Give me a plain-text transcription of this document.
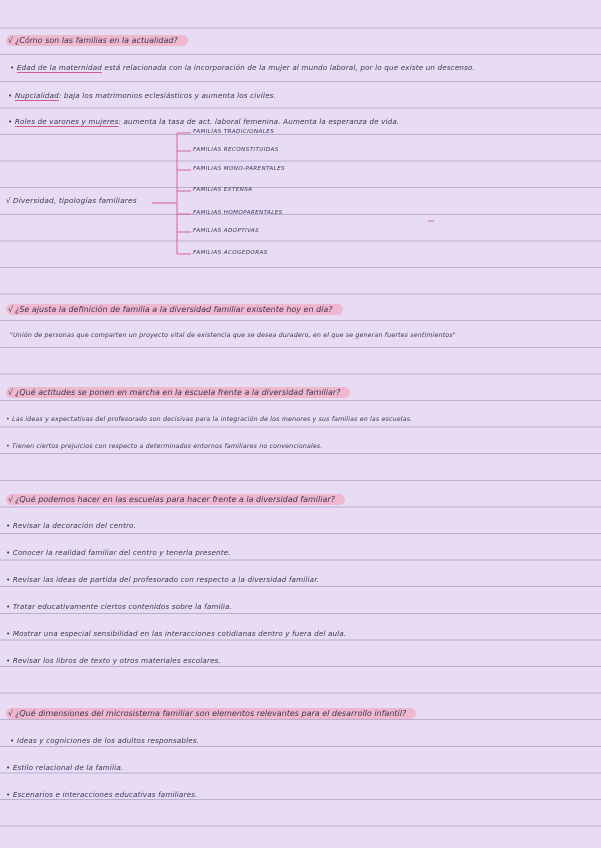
√ ¿Cómo son las familias en la actualidad?
• Edad de la maternidad está relacionada con la incorporación de la mujer al mundo laboral, por lo que existe un descenso.
• Nupcialidad: baja los matrimonios eclesiásticos y aumenta los civiles.
• Roles de varones y mujeres: aumenta la tasa de act. laboral femenina. Aumenta la esperanza de vida.
√ Diversidad, tipologías familiares
FAMILIAS TRADICIONALES
FAMILIAS RECONSTITUIDAS
FAMILIAS MONO-PARENTALES
FAMILIAS EXTENSA
FAMILIAS HOMOPARENTALES
FAMILIAS ADOPTIVAS
FAMILIAS ACOGEDORAS
√ ¿Se ajusta la definición de familia a la diversidad familiar existente hoy en día?
"Unión de personas que comparten un proyecto vital de existencia que se desea duradero, en el que se generan fuertes sentimientos"
√ ¿Qué actitudes se ponen en marcha en la escuela frente a la diversidad familiar?
• Las ideas y expectativas del profesorado son decisivas para la integración de los menores y sus familias en las escuelas.
• Tienen ciertos prejuicios con respecto a determinados entornos familiares no convencionales.
√ ¿Qué podemos hacer en las escuelas para hacer frente a la diversidad familiar?
• Revisar la decoración del centro.
• Conocer la realidad familiar del centro y tenerla presente.
• Revisar las ideas de partida del profesorado con respecto a la diversidad familiar.
• Tratar educativamente ciertos contenidos sobre la familia.
• Mostrar una especial sensibilidad en las interacciones cotidianas dentro y fuera del aula.
• Revisar los libros de texto y otros materiales escolares.
√ ¿Qué dimensiones del microsistema familiar son elementos relevantes para el desarrollo infantil?
• Ideas y cogniciones de los adultos responsables.
• Estilo relacional de la familia.
• Escenarios e interacciones educativas familiares.
